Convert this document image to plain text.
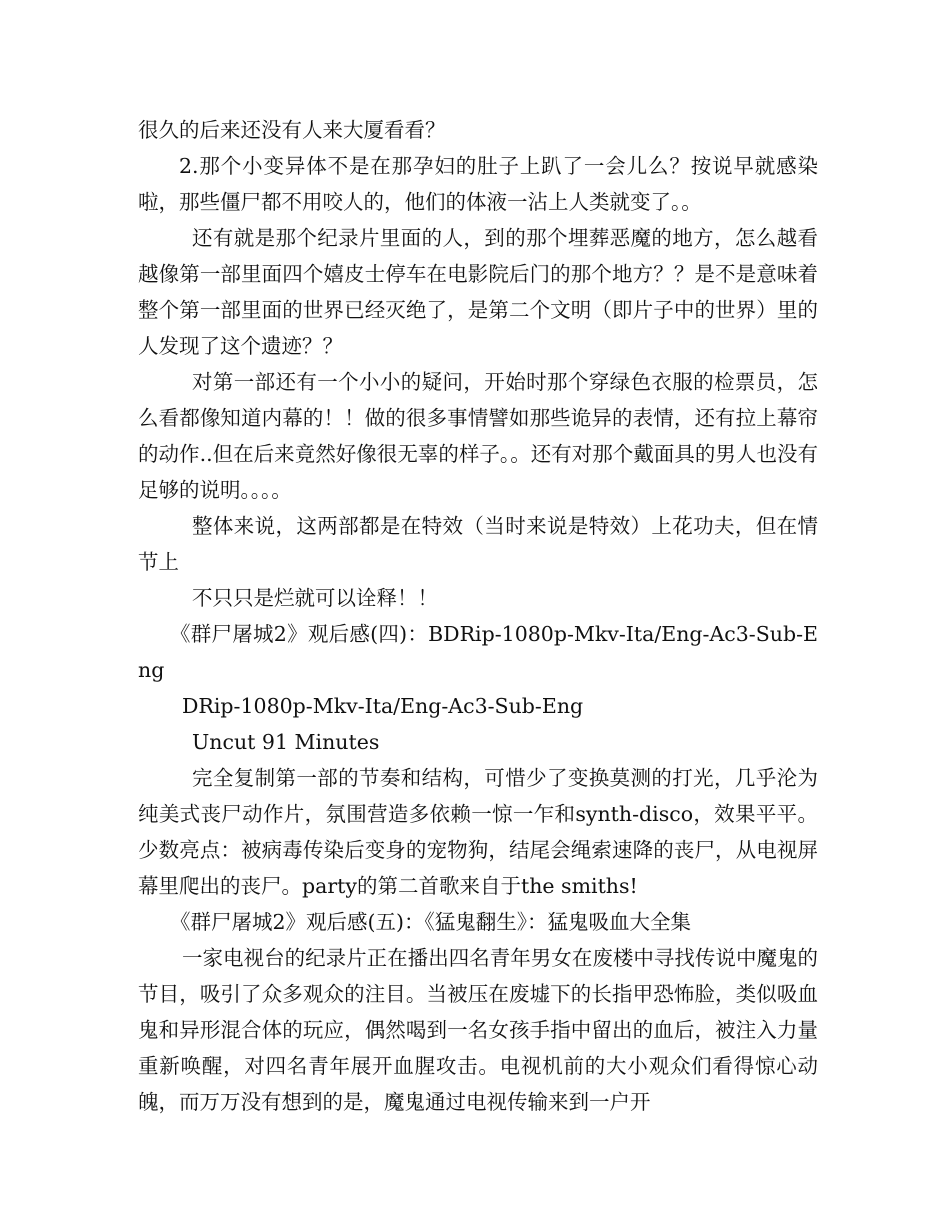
很久的后来还没有人来大厦看看？

2.那个小变异体不是在那孕妇的肚子上趴了一会儿么？按说早就感染啦，那些僵尸都不用咬人的，他们的体液一沾上人类就变了。。

还有就是那个纪录片里面的人，到的那个埋葬恶魔的地方，怎么越看越像第一部里面四个嬉皮士停车在电影院后门的那个地方？？是不是意味着整个第一部里面的世界已经灭绝了，是第二个文明（即片子中的世界）里的人发现了这个遗迹？？

对第一部还有一个小小的疑问，开始时那个穿绿色衣服的检票员，怎么看都像知道内幕的！！做的很多事情譬如那些诡异的表情，还有拉上幕帘的动作..但在后来竟然好像很无辜的样子。。还有对那个戴面具的男人也没有足够的说明。。。。

整体来说，这两部都是在特效（当时来说是特效）上花功夫，但在情节上

不只只是烂就可以诠释！！

《群尸屠城2》观后感(四)：BDRip-1080p-Mkv-Ita/Eng-Ac3-Sub-Eng

DRip-1080p-Mkv-Ita/Eng-Ac3-Sub-Eng

Uncut 91 Minutes

完全复制第一部的节奏和结构，可惜少了变换莫测的打光，几乎沦为纯美式丧尸动作片，氛围营造多依赖一惊一乍和synth-disco，效果平平。少数亮点：被病毒传染后变身的宠物狗，结尾会绳索速降的丧尸，从电视屏幕里爬出的丧尸。party的第二首歌来自于the smiths!

《群尸屠城2》观后感(五)：《猛鬼翻生》：猛鬼吸血大全集

一家电视台的纪录片正在播出四名青年男女在废楼中寻找传说中魔鬼的节目，吸引了众多观众的注目。当被压在废墟下的长指甲恐怖脸，类似吸血鬼和异形混合体的玩应，偶然喝到一名女孩手指中留出的血后，被注入力量重新唤醒，对四名青年展开血腥攻击。电视机前的大小观众们看得惊心动魄，而万万没有想到的是，魔鬼通过电视传输来到一户开
